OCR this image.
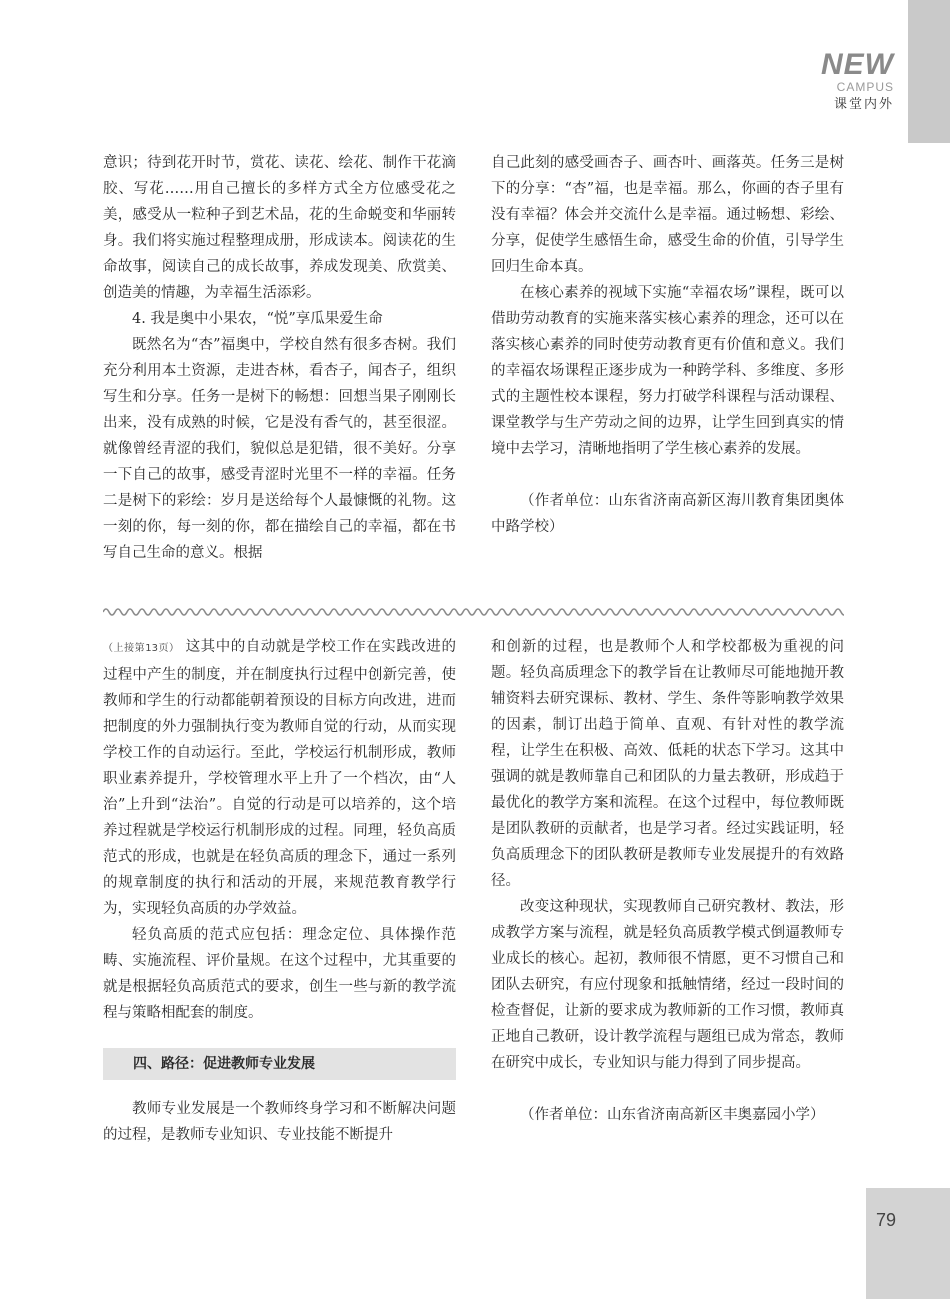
NEW
CAMPUS
课堂内外

意识；待到花开时节，赏花、读花、绘花、制作干花滴胶、写花……用自己擅长的多样方式全方位感受花之美，感受从一粒种子到艺术品，花的生命蜕变和华丽转身。我们将实施过程整理成册，形成读本。阅读花的生命故事，阅读自己的成长故事，养成发现美、欣赏美、创造美的情趣，为幸福生活添彩。

4. 我是奥中小果农，“悦”享瓜果爱生命

既然名为“杏”福奥中，学校自然有很多杏树。我们充分利用本土资源，走进杏林，看杏子，闻杏子，组织写生和分享。任务一是树下的畅想：回想当果子刚刚长出来，没有成熟的时候，它是没有香气的，甚至很涩。就像曾经青涩的我们，貌似总是犯错，很不美好。分享一下自己的故事，感受青涩时光里不一样的幸福。任务二是树下的彩绘：岁月是送给每个人最慷慨的礼物。这一刻的你，每一刻的你，都在描绘自己的幸福，都在书写自己生命的意义。根据

自己此刻的感受画杏子、画杏叶、画落英。任务三是树下的分享：“杏”福，也是幸福。那么，你画的杏子里有没有幸福？体会并交流什么是幸福。通过畅想、彩绘、分享，促使学生感悟生命，感受生命的价值，引导学生回归生命本真。

在核心素养的视域下实施“幸福农场”课程，既可以借助劳动教育的实施来落实核心素养的理念，还可以在落实核心素养的同时使劳动教育更有价值和意义。我们的幸福农场课程正逐步成为一种跨学科、多维度、多形式的主题性校本课程，努力打破学科课程与活动课程、课堂教学与生产劳动之间的边界，让学生回到真实的情境中去学习，清晰地指明了学生核心素养的发展。

（作者单位：山东省济南高新区海川教育集团奥体中路学校）

（上接第13页） 这其中的自动就是学校工作在实践改进的过程中产生的制度，并在制度执行过程中创新完善，使教师和学生的行动都能朝着预设的目标方向改进，进而把制度的外力强制执行变为教师自觉的行动，从而实现学校工作的自动运行。至此，学校运行机制形成，教师职业素养提升，学校管理水平上升了一个档次，由“人治”上升到“法治”。自觉的行动是可以培养的，这个培养过程就是学校运行机制形成的过程。同理，轻负高质范式的形成，也就是在轻负高质的理念下，通过一系列的规章制度的执行和活动的开展，来规范教育教学行为，实现轻负高质的办学效益。

轻负高质的范式应包括：理念定位、具体操作范畴、实施流程、评价量规。在这个过程中，尤其重要的就是根据轻负高质范式的要求，创生一些与新的教学流程与策略相配套的制度。

四、路径：促进教师专业发展

教师专业发展是一个教师终身学习和不断解决问题的过程，是教师专业知识、专业技能不断提升

和创新的过程，也是教师个人和学校都极为重视的问题。轻负高质理念下的教学旨在让教师尽可能地抛开教辅资料去研究课标、教材、学生、条件等影响教学效果的因素，制订出趋于简单、直观、有针对性的教学流程，让学生在积极、高效、低耗的状态下学习。这其中强调的就是教师靠自己和团队的力量去教研，形成趋于最优化的教学方案和流程。在这个过程中，每位教师既是团队教研的贡献者，也是学习者。经过实践证明，轻负高质理念下的团队教研是教师专业发展提升的有效路径。

改变这种现状，实现教师自己研究教材、教法，形成教学方案与流程，就是轻负高质教学模式倒逼教师专业成长的核心。起初，教师很不情愿，更不习惯自己和团队去研究，有应付现象和抵触情绪，经过一段时间的检查督促，让新的要求成为教师新的工作习惯，教师真正地自己教研，设计教学流程与题组已成为常态，教师在研究中成长，专业知识与能力得到了同步提高。

（作者单位：山东省济南高新区丰奥嘉园小学）

79
